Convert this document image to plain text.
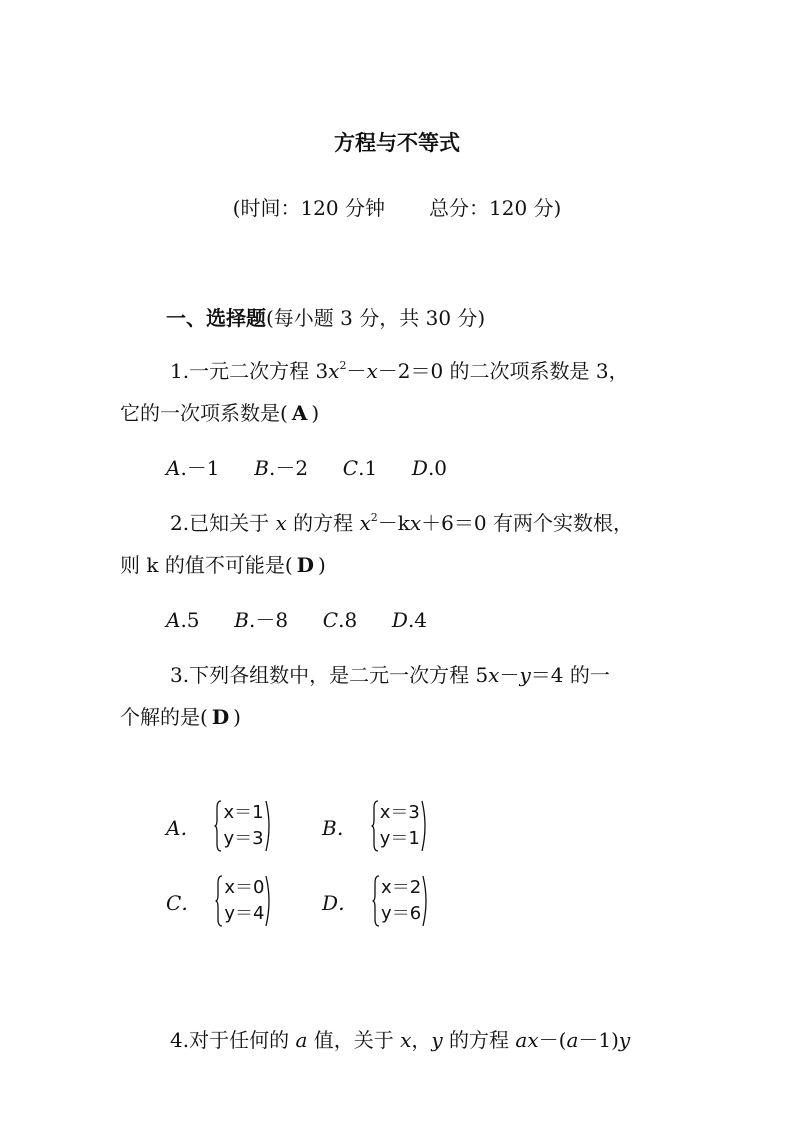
方程与不等式
(时间：120 分钟 总分：120 分)
一、选择题(每小题 3 分，共 30 分)
1.一元二次方程 $3x^2-x-2=0$ 的二次项系数是 3，
它的一次项系数是( A )
A.－1 B.－2 C.1 D.0
2.已知关于 x 的方程 $x^2-kx+6=0$ 有两个实数根，
则 k 的值不可能是( D )
A.5 B.－8 C.8 D.4
3.下列各组数中，是二元一次方程 5x－y＝4 的一
个解的是( D )
A．
x＝1
y＝3	B．
x＝3
y＝1
C．
x＝0
y＝4	D．
x＝2
y＝6
4.对于任何的 a 值，关于 x，y 的方程 ax－(a－1)y
